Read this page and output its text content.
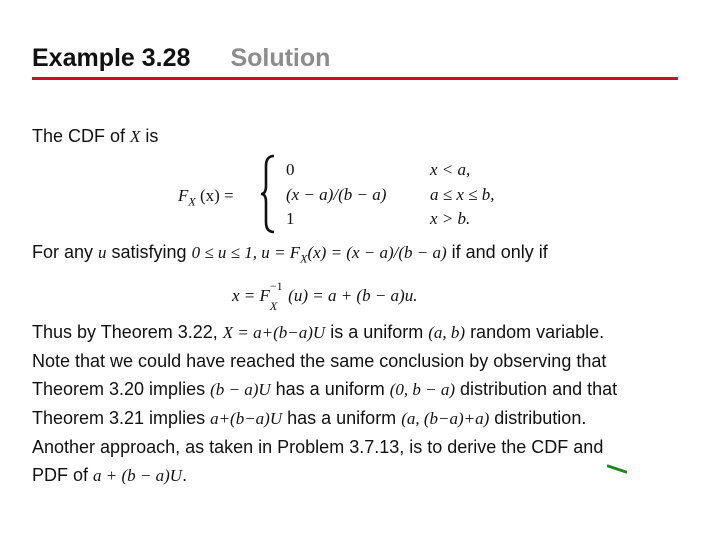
Example 3.28 Solution
The CDF of X is
$F_X$ (x) =
0	x < a,
(x − a)/(b − a)	a ≤ x ≤ b,
1	x > b.
For any u satisfying 0 ≤ u ≤ 1, $u = F_X(x) = (x - a)/(b - a)$ if and only if
x = F −1
X
(u) = a + (b − a)u.
Thus by Theorem 3.22, X = a+(b−a)U is a uniform (a, b) random variable.
Note that we could have reached the same conclusion by observing that
Theorem 3.20 implies (b − a)U has a uniform (0, b − a) distribution and that
Theorem 3.21 implies a+(b−a)U has a uniform (a, (b−a)+a) distribution.
Another approach, as taken in Problem 3.7.13, is to derive the CDF and
PDF of a + (b − a)U.
